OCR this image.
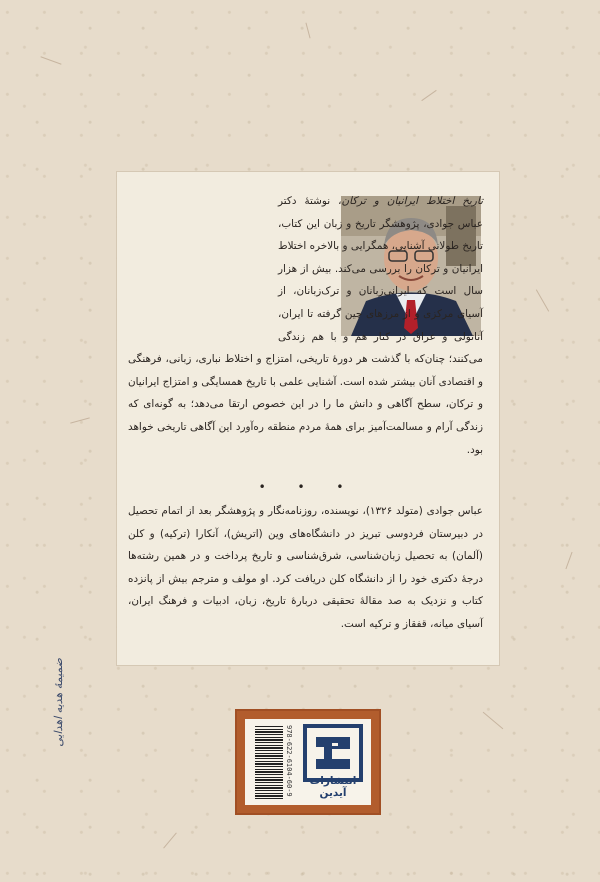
تاریخ اختلاط ایرانیان و ترکان، نوشتهٔ دکتر عباس جوادی، پژوهشگر تاریخ و زبان این کتاب، تاریخ طولانی آشنایی، همگرایی و بالاخره اختلاط ایرانیان و ترکان را بررسی می‌کند. بیش از هزار سال است که ایرانی‌زبانان و ترک‌زبانان، از آسیای مرکزی و از مرزهای چین گرفته تا ایران، آناتولی و عراق در کنار هم و با هم زندگی می‌کنند؛ چنان‌که با گذشت هر دورهٔ تاریخی، امتزاج و اختلاط نباری، زبانی، فرهنگی و اقتصادی آنان بیشتر شده است. آشنایی علمی با تاریخ همسایگی و امتزاج ایرانیان و ترکان، سطح آگاهی و دانش ما را در این خصوص ارتقا می‌دهد؛ به گونه‌ای که زندگی آرام و مسالمت‌آمیز برای همهٔ مردم منطقه ره‌آورد این آگاهی تاریخی خواهد بود.
• • •
عباس جوادی (متولد ۱۳۲۶)، نویسنده، روزنامه‌نگار و پژوهشگر بعد از اتمام تحصیل در دبیرستان فردوسی تبریز در دانشگاه‌های وین (اتریش)، آنکارا (ترکیه) و کلن (آلمان) به تحصیل زبان‌شناسی، شرق‌شناسی و تاریخ پرداخت و در همین رشته‌ها درجهٔ دکتری خود را از دانشگاه کلن دریافت کرد. او مولف و مترجم بیش از پانزده کتاب و نزدیک به صد مقالهٔ تحقیقی دربارهٔ تاریخ، زبان، ادبیات و فرهنگ ایران، آسیای میانه، قفقاز و ترکیه است.
978-622-6104-60-9	انتشارات آیدین
ضمیمهٔ هدیه اهدایی
